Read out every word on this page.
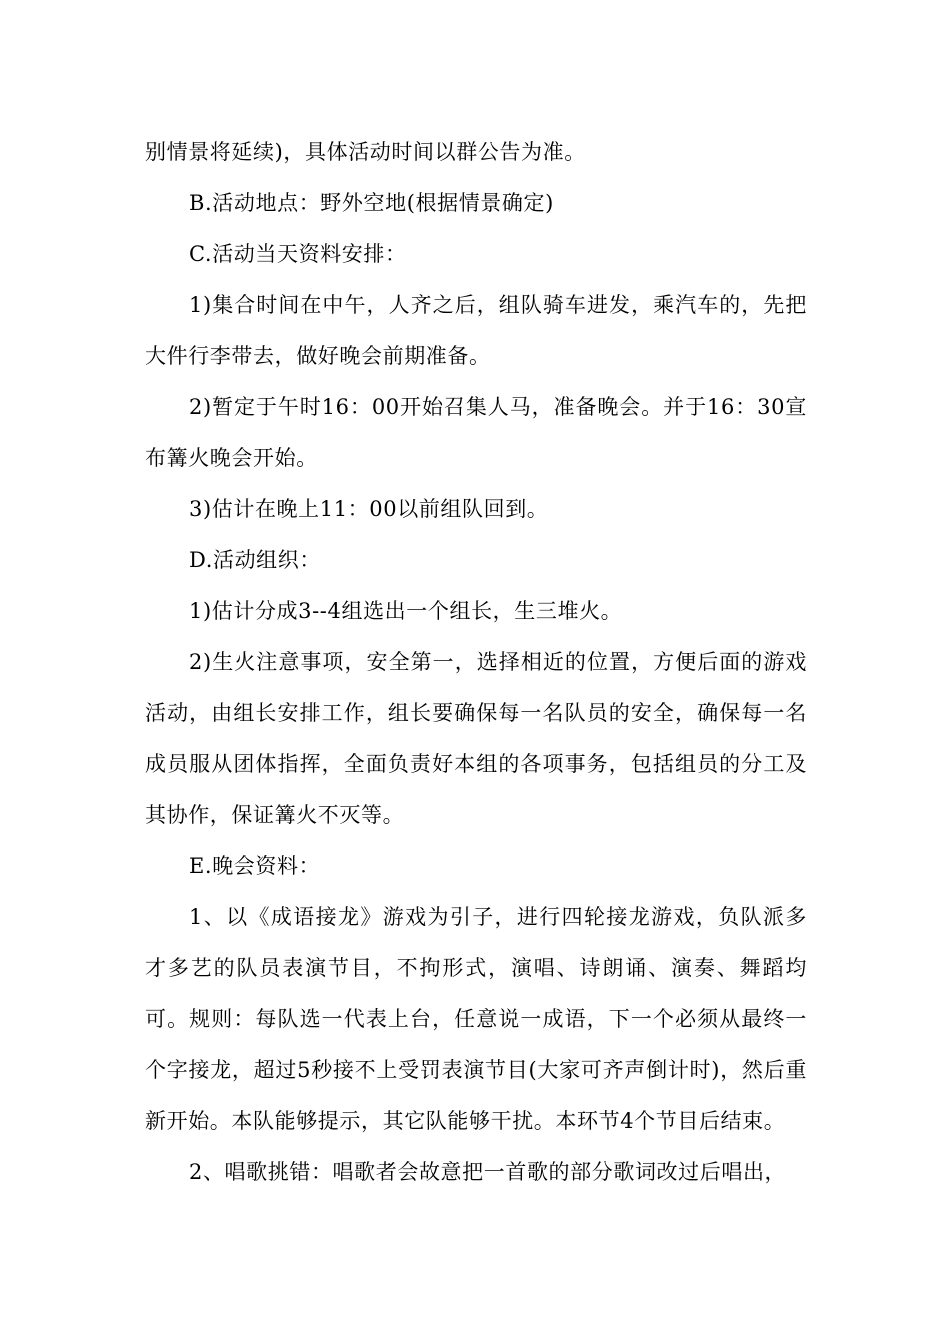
别情景将延续)，具体活动时间以群公告为准。

B.活动地点：野外空地(根据情景确定)

C.活动当天资料安排：

1)集合时间在中午，人齐之后，组队骑车进发，乘汽车的，先把大件行李带去，做好晚会前期准备。

2)暂定于午时16：00开始召集人马，准备晚会。并于16：30宣布篝火晚会开始。

3)估计在晚上11：00以前组队回到。

D.活动组织：

1)估计分成3--4组选出一个组长，生三堆火。

2)生火注意事项，安全第一，选择相近的位置，方便后面的游戏活动，由组长安排工作，组长要确保每一名队员的安全，确保每一名成员服从团体指挥，全面负责好本组的各项事务，包括组员的分工及其协作，保证篝火不灭等。

E.晚会资料：

1、以《成语接龙》游戏为引子，进行四轮接龙游戏，负队派多才多艺的队员表演节目，不拘形式，演唱、诗朗诵、演奏、舞蹈均可。规则：每队选一代表上台，任意说一成语，下一个必须从最终一个字接龙，超过5秒接不上受罚表演节目(大家可齐声倒计时)，然后重新开始。本队能够提示，其它队能够干扰。本环节4个节目后结束。

2、唱歌挑错：唱歌者会故意把一首歌的部分歌词改过后唱出，
